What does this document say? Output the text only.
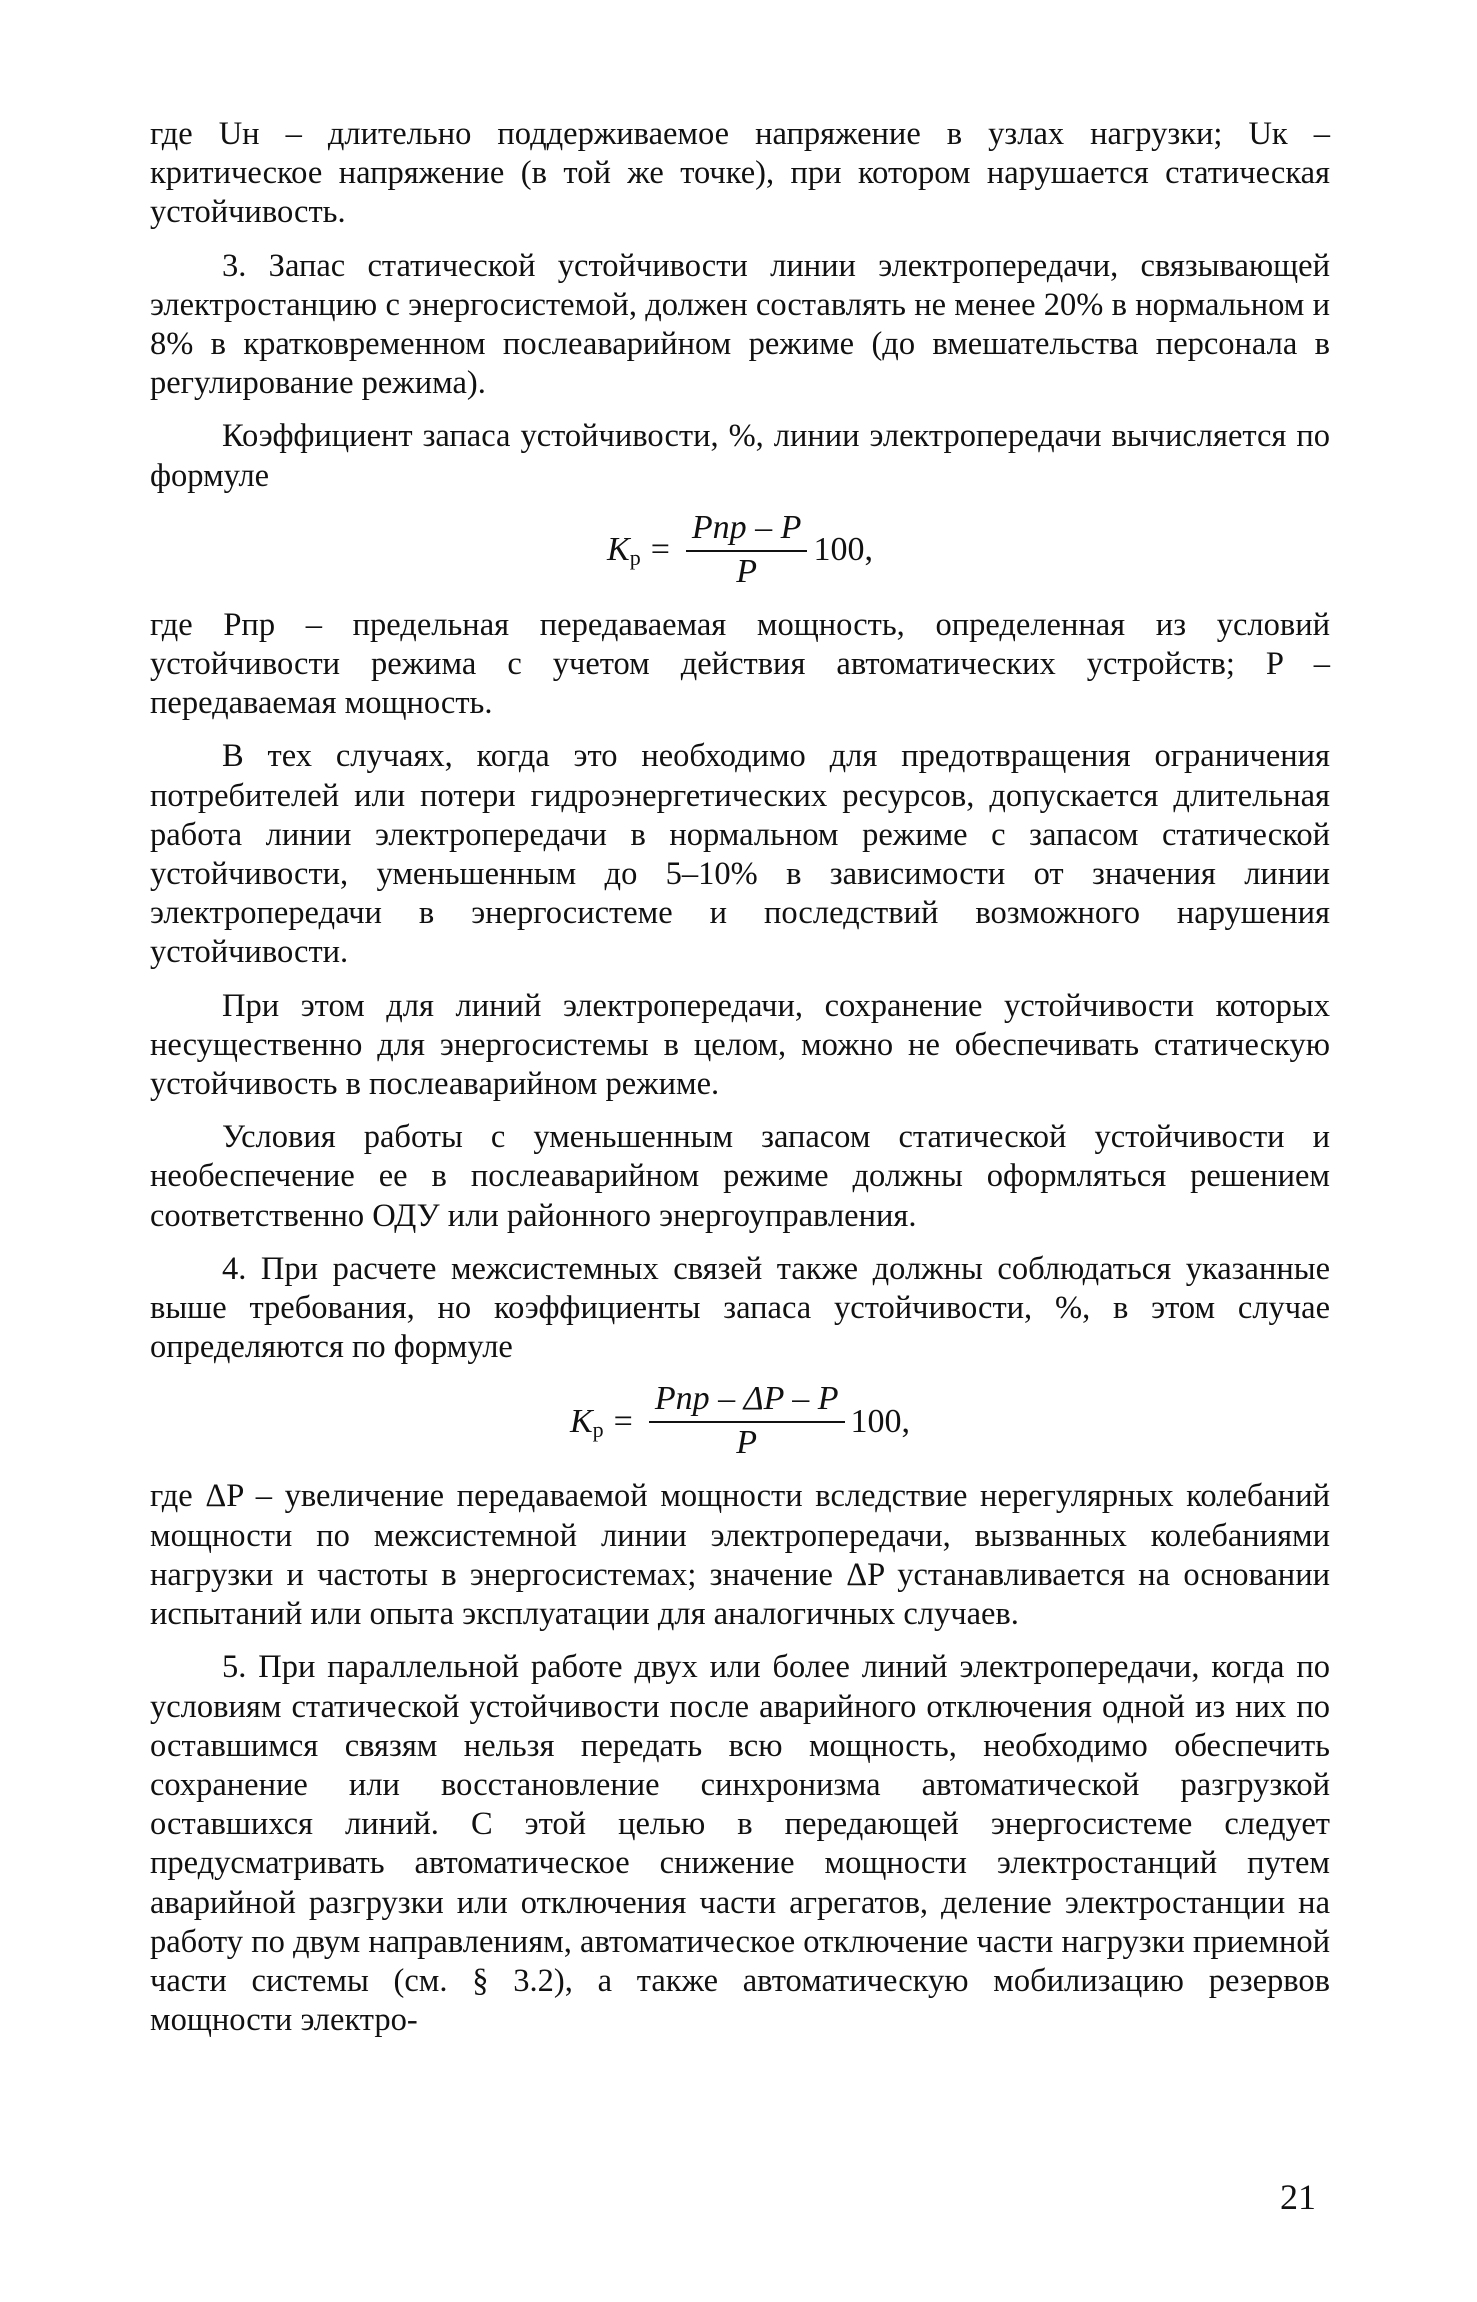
где Uн – длительно поддерживаемое напряжение в узлах нагрузки; Uк – критическое напряжение (в той же точке), при котором нарушается статическая устойчивость.

3. Запас статической устойчивости линии электропередачи, связывающей электростанцию с энергосистемой, должен составлять не менее 20% в нормальном и 8% в кратковременном послеаварийном режиме (до вмешательства персонала в регулирование режима).

Коэффициент запаса устойчивости, %, линии электропередачи вычисляется по формуле

K $р = \frac{\text{Pпр – P}}{P} 100$,

где Pпр – предельная передаваемая мощность, определенная из условий устойчивости режима с учетом действия автоматических устройств; P – передаваемая мощность.

В тех случаях, когда это необходимо для предотвращения ограничения потребителей или потери гидроэнергетических ресурсов, допускается длительная работа линии электропередачи в нормальном режиме с запасом статической устойчивости, уменьшенным до 5–10% в зависимости от значения линии электропередачи в энергосистеме и последствий возможного нарушения устойчивости.

При этом для линий электропередачи, сохранение устойчивости которых несущественно для энергосистемы в целом, можно не обеспечивать статическую устойчивость в послеаварийном режиме.

Условия работы с уменьшенным запасом статической устойчивости и необеспечение ее в послеаварийном режиме должны оформляться решением соответственно ОДУ или районного энергоуправления.

4. При расчете межсистемных связей также должны соблюдаться указанные выше требования, но коэффициенты запаса устойчивости, %, в этом случае определяются по формуле

K $р = \frac{\text{Pпр – ΔP – P}}{P} 100$,

где ΔP – увеличение передаваемой мощности вследствие нерегулярных колебаний мощности по межсистемной линии электропередачи, вызванных колебаниями нагрузки и частоты в энергосистемах; значение ΔP устанавливается на основании испытаний или опыта эксплуатации для аналогичных случаев.

5. При параллельной работе двух или более линий электропередачи, когда по условиям статической устойчивости после аварийного отключения одной из них по оставшимся связям нельзя передать всю мощность, необходимо обеспечить сохранение или восстановление синхронизма автоматической разгрузкой оставшихся линий. С этой целью в передающей энергосистеме следует предусматривать автоматическое снижение мощности электростанций путем аварийной разгрузки или отключения части агрегатов, деление электростанции на работу по двум направлениям, автоматическое отключение части нагрузки приемной части системы (см. § 3.2), а также автоматическую мобилизацию резервов мощности электро-

21
